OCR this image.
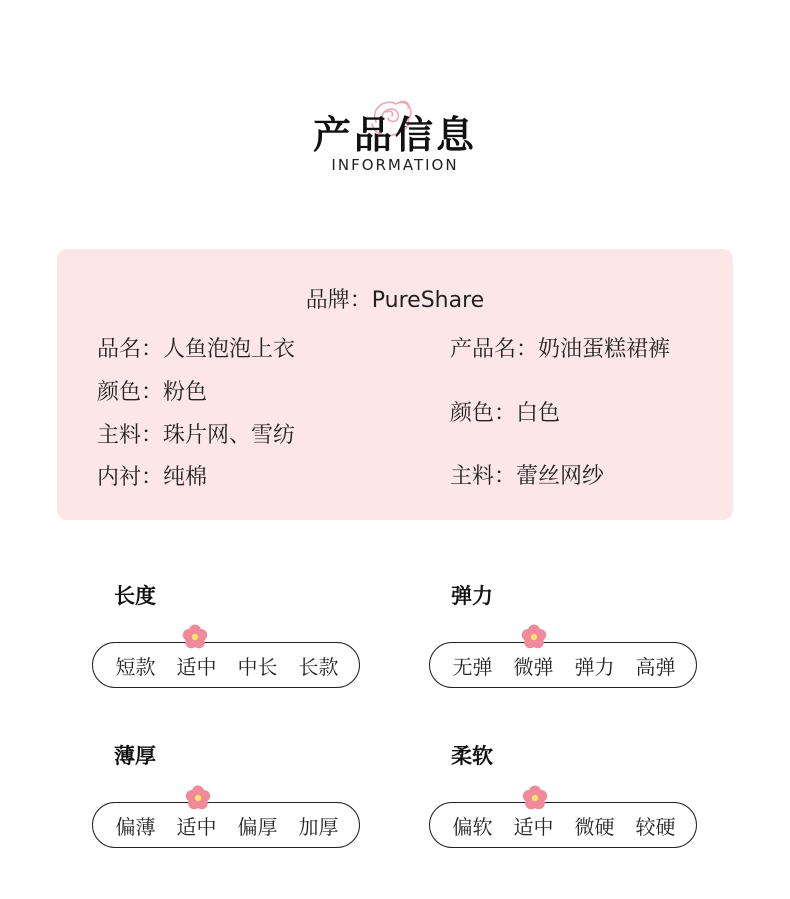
产品信息
INFORMATION
品牌：PureShare
品名：人鱼泡泡上衣
颜色：粉色
主料：珠片网、雪纺
内衬：纯棉
产品名：奶油蛋糕裙裤
颜色：白色
主料：蕾丝网纱
长度
短款	适中	中长	长款
弹力
无弹	微弹	弹力	高弹
薄厚
偏薄	适中	偏厚	加厚
柔软
偏软	适中	微硬	较硬
